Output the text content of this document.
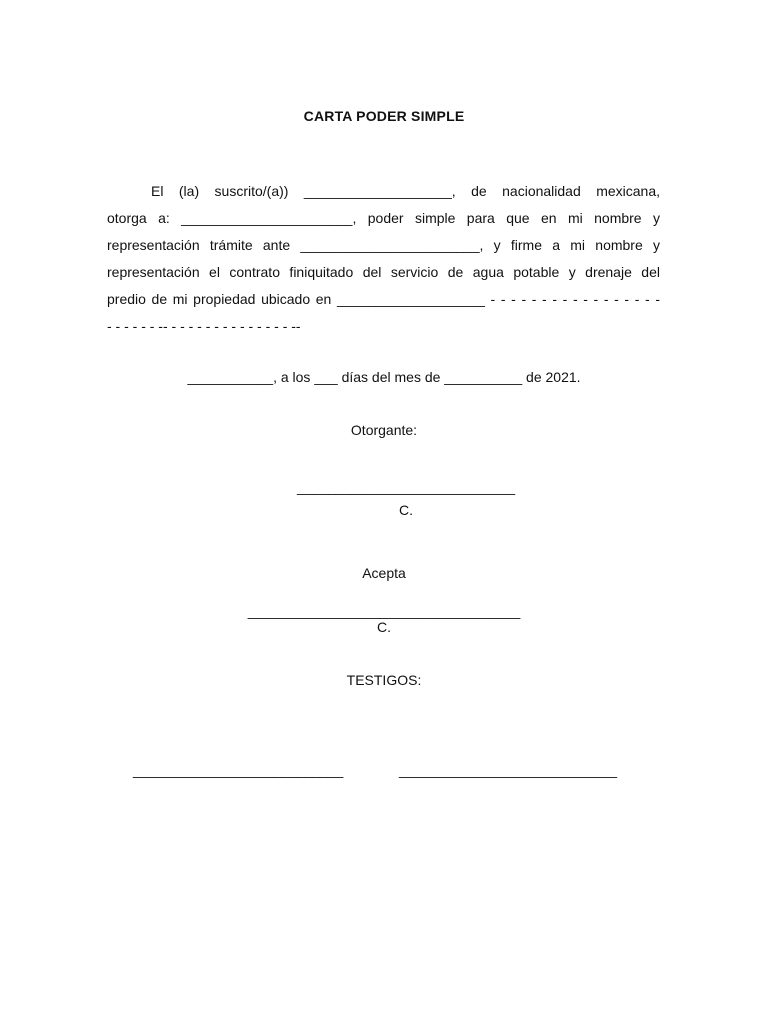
CARTA PODER SIMPLE
El (la) suscrito/(a)) ___________________, de nacionalidad mexicana,
otorga a: ______________________, poder simple para que en mi nombre y
representación trámite ante _______________________, y firme a mi nombre y
representación el contrato finiquitado del servicio de agua potable y drenaje del
predio de mi propiedad ubicado en ___________________ - - - - - - - - - - - - - - - - -
- - - - - - -- - - - - - - - - - - - - - - --
___________, a los ___ días del mes de __________ de 2021.
Otorgante:
____________________________
C.
Acepta
___________________________________
C.
TESTIGOS:
___________________________	____________________________
